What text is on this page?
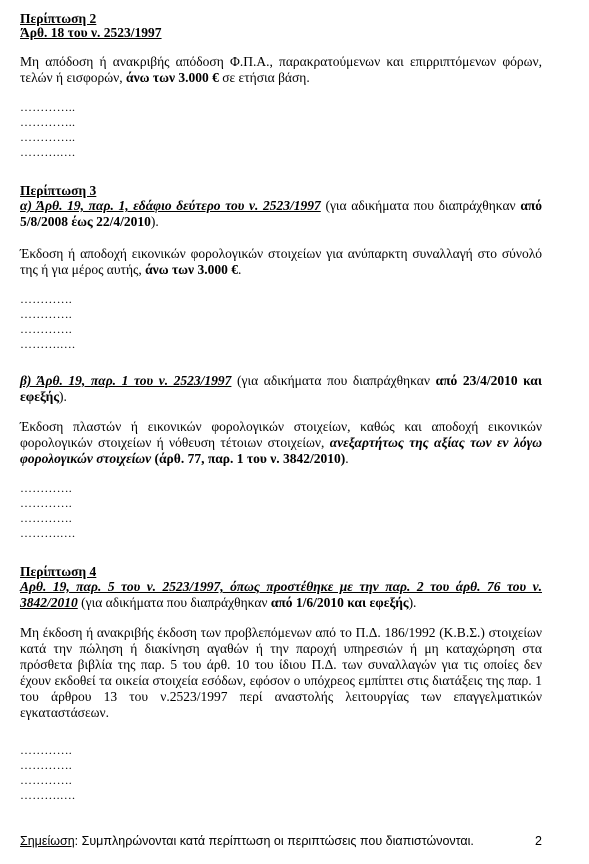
Περίπτωση 2
Άρθ. 18 του ν. 2523/1997
Μη απόδοση ή ανακριβής απόδοση Φ.Π.Α., παρακρατούμενων και επιρριπτόμενων φόρων, τελών ή εισφορών, άνω των 3.000 € σε ετήσια βάση.
…………..
…………..
…………..
……….….
Περίπτωση 3
α) Άρθ. 19, παρ. 1, εδάφιο δεύτερο του ν. 2523/1997 (για αδικήματα που διαπράχθηκαν από 5/8/2008 έως 22/4/2010).
Έκδοση ή αποδοχή εικονικών φορολογικών στοιχείων για ανύπαρκτη συναλλαγή στο σύνολό της ή για μέρος αυτής, άνω των 3.000 €.
………….
………….
………….
……….….
β) Άρθ. 19, παρ. 1 του ν. 2523/1997 (για αδικήματα που διαπράχθηκαν από 23/4/2010 και εφεξής).
Έκδοση πλαστών ή εικονικών φορολογικών στοιχείων, καθώς και αποδοχή εικονικών φορολογικών στοιχείων ή νόθευση τέτοιων στοιχείων, ανεξαρτήτως της αξίας των εν λόγω φορολογικών στοιχείων (άρθ. 77, παρ. 1 του ν. 3842/2010).
………….
………….
………….
……….….
Περίπτωση 4
Αρθ. 19, παρ. 5 του ν. 2523/1997, όπως προστέθηκε με την παρ. 2 του άρθ. 76 του ν. 3842/2010 (για αδικήματα που διαπράχθηκαν από 1/6/2010 και εφεξής).
Μη έκδοση ή ανακριβής έκδοση των προβλεπόμενων από το Π.Δ. 186/1992 (Κ.Β.Σ.) στοιχείων κατά την πώληση ή διακίνηση αγαθών ή την παροχή υπηρεσιών ή μη καταχώρηση στα πρόσθετα βιβλία της παρ. 5 του άρθ. 10 του ίδιου Π.Δ. των συναλλαγών για τις οποίες δεν έχουν εκδοθεί τα οικεία στοιχεία εσόδων, εφόσον ο υπόχρεος εμπίπτει στις διατάξεις της παρ. 1 του άρθρου 13 του ν.2523/1997 περί αναστολής λειτουργίας των επαγγελματικών εγκαταστάσεων.
………….
………….
………….
……….….
Σημείωση: Συμπληρώνονται κατά περίπτωση οι περιπτώσεις που διαπιστώνονται.	2
